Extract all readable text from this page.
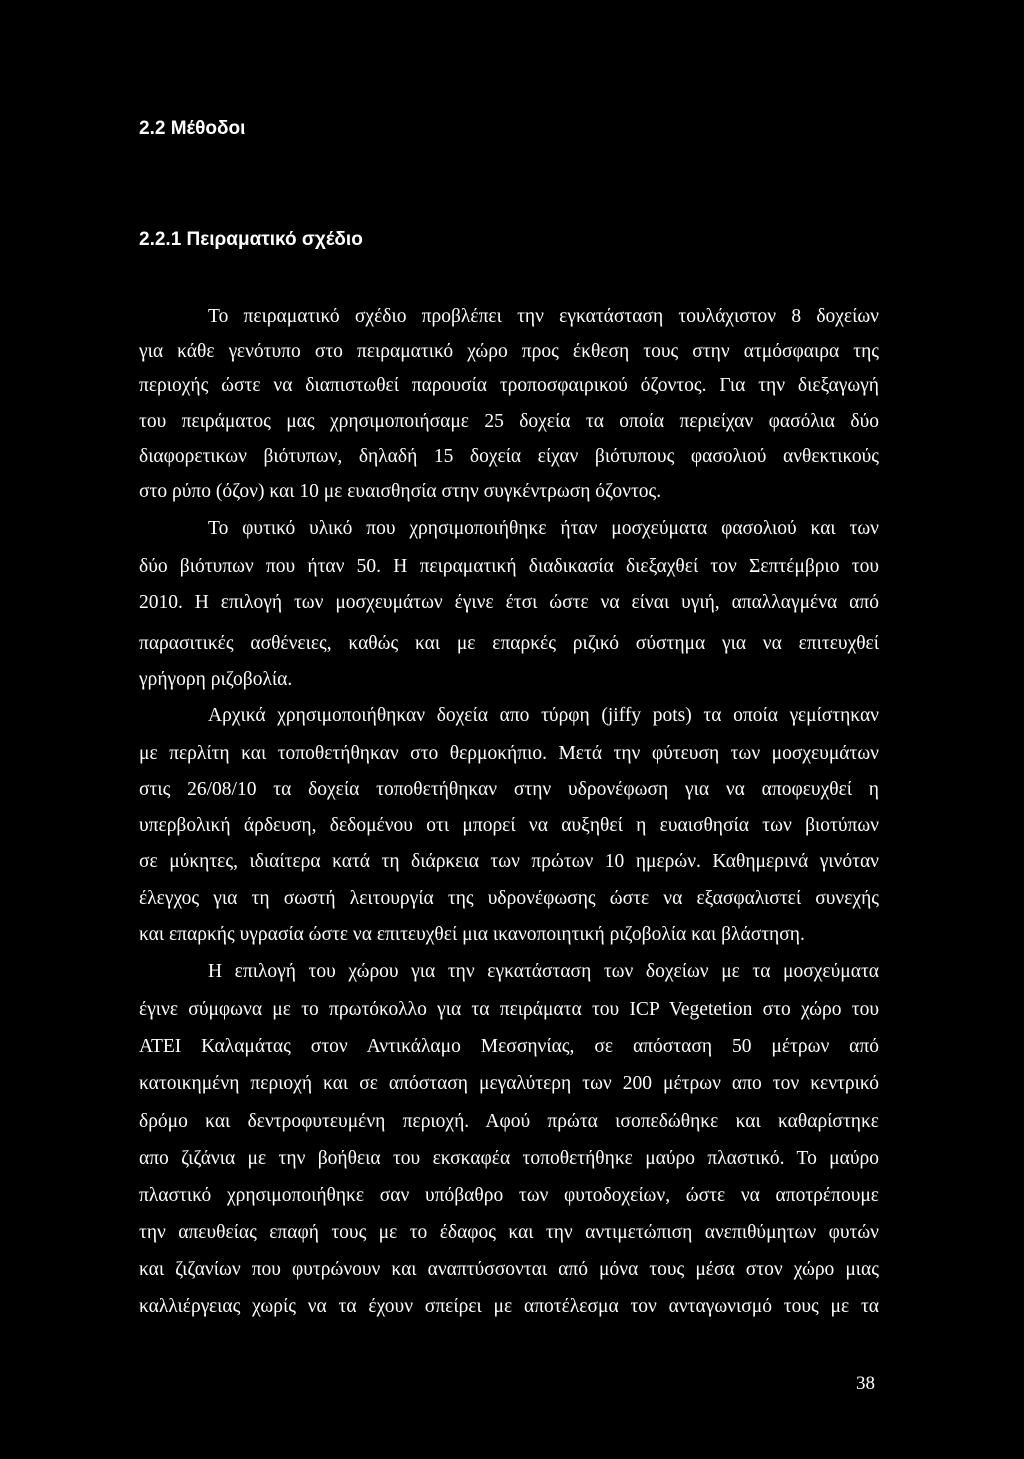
2.2 Μέθοδοι
2.2.1 Πειραματικό σχέδιο
Το πειραματικό σχέδιο προβλέπει την εγκατάσταση τουλάχιστον 8 δοχείων
για κάθε γενότυπο στο πειραματικό χώρο προς έκθεση τους στην ατμόσφαιρα της
περιοχής ώστε να διαπιστωθεί παρουσία τροποσφαιρικού όζοντος. Για την διεξαγωγή
του πειράματος μας χρησιμοποιήσαμε 25 δοχεία τα οποία περιείχαν φασόλια δύο
διαφορετικων βιότυπων, δηλαδή 15 δοχεία είχαν βιότυπους φασολιού ανθεκτικούς
στο ρύπο (όζον) και 10 με ευαισθησία στην συγκέντρωση όζοντος.
Το φυτικό υλικό που χρησιμοποιήθηκε ήταν μοσχεύματα φασολιού και των
δύο βιότυπων που ήταν 50. Η πειραματική διαδικασία διεξαχθεί τον Σεπτέμβριο του
2010. Η επιλογή των μοσχευμάτων έγινε έτσι ώστε να είναι υγιή, απαλλαγμένα από
παρασιτικές ασθένειες, καθώς και με επαρκές ριζικό σύστημα για να επιτευχθεί
γρήγορη ριζοβολία.
Αρχικά χρησιμοποιήθηκαν δοχεία απο τύρφη (jiffy pots) τα οποία γεμίστηκαν
με περλίτη και τοποθετήθηκαν στο θερμοκήπιο. Μετά την φύτευση των μοσχευμάτων
στις 26/08/10 τα δοχεία τοποθετήθηκαν στην υδρονέφωση για να αποφευχθεί η
υπερβολική άρδευση, δεδομένου οτι μπορεί να αυξηθεί η ευαισθησία των βιοτύπων
σε μύκητες, ιδιαίτερα κατά τη διάρκεια των πρώτων 10 ημερών. Καθημερινά γινόταν
έλεγχος για τη σωστή λειτουργία της υδρονέφωσης ώστε να εξασφαλιστεί συνεχής
και επαρκής υγρασία ώστε να επιτευχθεί μια ικανοποιητική ριζοβολία και βλάστηση.
Η επιλογή του χώρου για την εγκατάσταση των δοχείων με τα μοσχεύματα
έγινε σύμφωνα με το πρωτόκολλο για τα πειράματα του ICP Vegetetion στο χώρο του
ΑΤΕΙ Καλαμάτας στον Αντικάλαμο Μεσσηνίας, σε απόσταση 50 μέτρων από
κατοικημένη περιοχή και σε απόσταση μεγαλύτερη των 200 μέτρων απο τον κεντρικό
δρόμο και δεντροφυτευμένη περιοχή. Αφού πρώτα ισοπεδώθηκε και καθαρίστηκε
απο ζιζάνια με την βοήθεια του εκσκαφέα τοποθετήθηκε μαύρο πλαστικό. Το μαύρο
πλαστικό χρησιμοποιήθηκε σαν υπόβαθρο των φυτοδοχείων, ώστε να αποτρέπουμε
την απευθείας επαφή τους με το έδαφος και την αντιμετώπιση ανεπιθύμητων φυτών
και ζιζανίων που φυτρώνουν και αναπτύσσονται από μόνα τους μέσα στον χώρο μιας
καλλιέργειας χωρίς να τα έχουν σπείρει με αποτέλεσμα τον ανταγωνισμό τους με τα
38
